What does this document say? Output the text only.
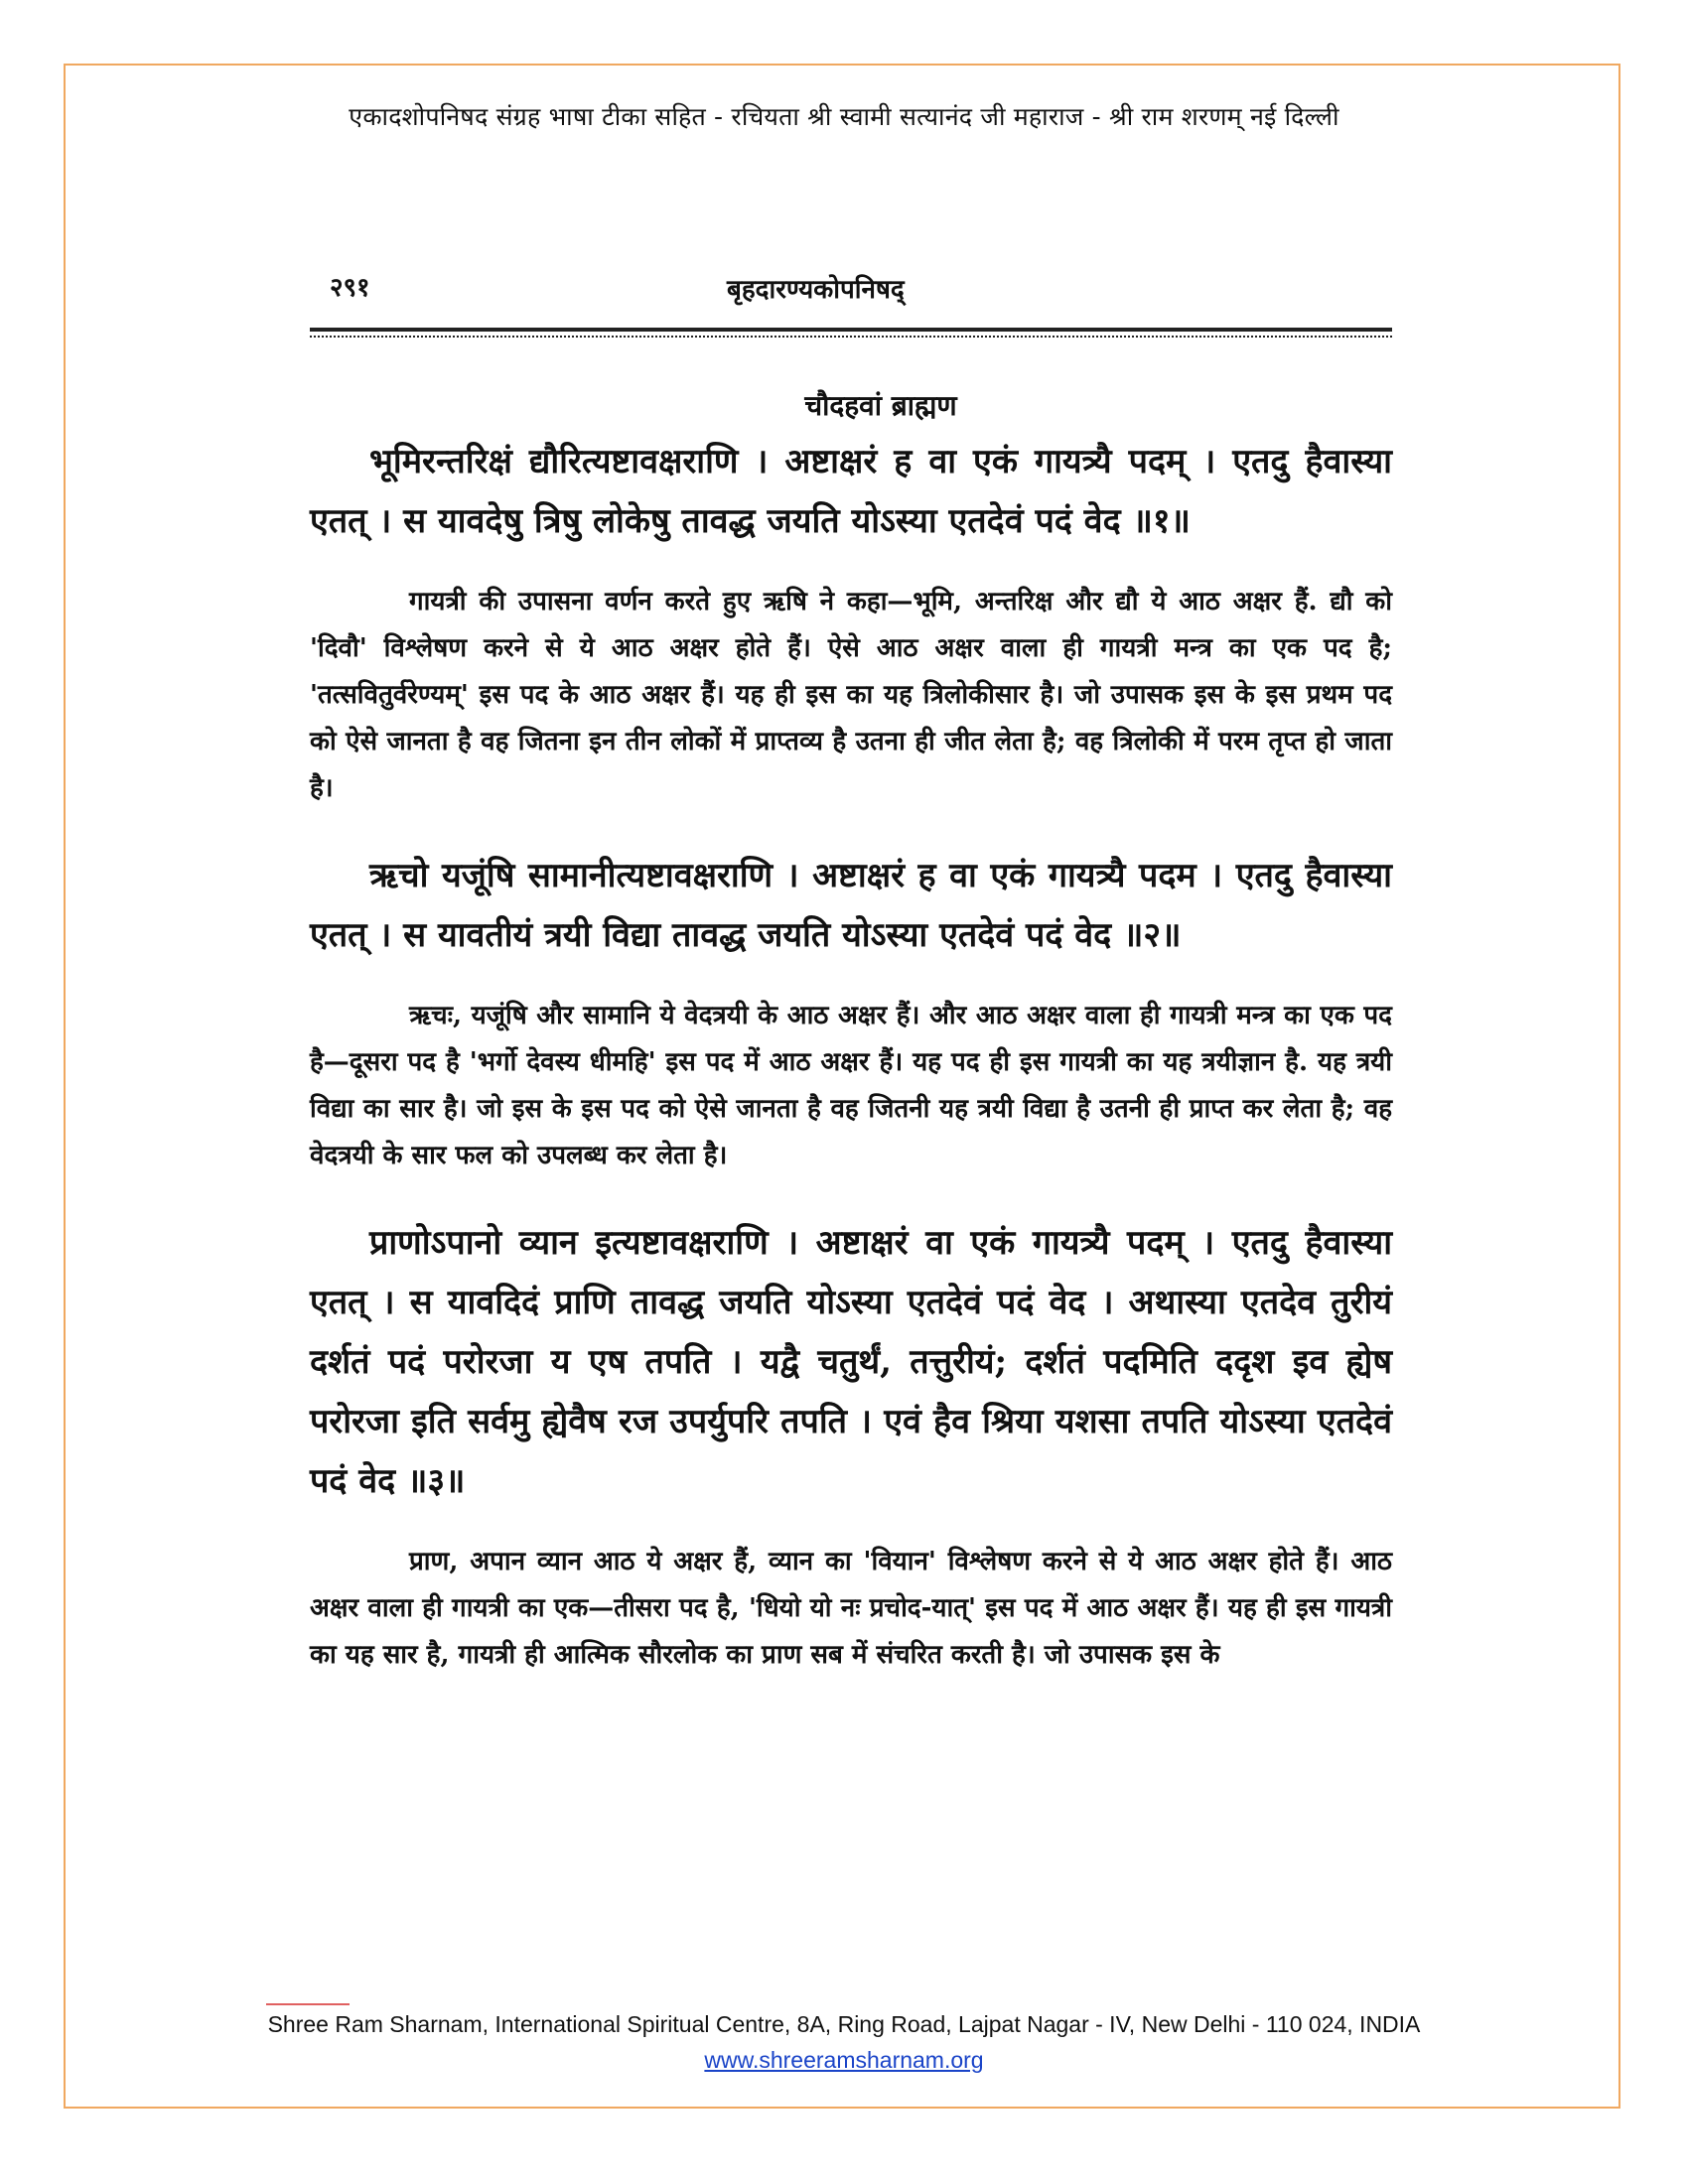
एकादशोपनिषद संग्रह भाषा टीका सहित - रचियता श्री स्वामी सत्यानंद जी महाराज - श्री राम शरणम् नई दिल्ली
२९१	बृहदारण्यकोपनिषद्
चौदहवां ब्राह्मण

भूमिरन्तरिक्षं द्यौरित्यष्टावक्षराणि । अष्टाक्षरं ह वा एकं गायत्र्यै पदम् । एतदु हैवास्या एतत् । स यावदेषु त्रिषु लोकेषु तावद्ध जयति योऽस्या एतदेवं पदं वेद ॥१॥

गायत्री की उपासना वर्णन करते हुए ऋषि ने कहा—भूमि, अन्तरिक्ष और द्यौ ये आठ अक्षर हैं. द्यौ को 'दिवौ' विश्लेषण करने से ये आठ अक्षर होते हैं। ऐसे आठ अक्षर वाला ही गायत्री मन्त्र का एक पद है; 'तत्सवितुर्वरेण्यम्' इस पद के आठ अक्षर हैं। यह ही इस का यह त्रिलोकीसार है। जो उपासक इस के इस प्रथम पद को ऐसे जानता है वह जितना इन तीन लोकों में प्राप्तव्य है उतना ही जीत लेता है; वह त्रिलोकी में परम तृप्त हो जाता है।

ऋचो यजूंषि सामानीत्यष्टावक्षराणि । अष्टाक्षरं ह वा एकं गायत्र्यै पदम । एतदु हैवास्या एतत् । स यावतीयं त्रयी विद्या तावद्ध जयति योऽस्या एतदेवं पदं वेद ॥२॥

ऋचः, यजूंषि और सामानि ये वेदत्रयी के आठ अक्षर हैं। और आठ अक्षर वाला ही गायत्री मन्त्र का एक पद है—दूसरा पद है 'भर्गो देवस्य धीमहि' इस पद में आठ अक्षर हैं। यह पद ही इस गायत्री का यह त्रयीज्ञान है. यह त्रयी विद्या का सार है। जो इस के इस पद को ऐसे जानता है वह जितनी यह त्रयी विद्या है उतनी ही प्राप्त कर लेता है; वह वेदत्रयी के सार फल को उपलब्ध कर लेता है।

प्राणोऽपानो व्यान इत्यष्टावक्षराणि । अष्टाक्षरं वा एकं गायत्र्यै पदम् । एतदु हैवास्या एतत् । स यावदिदं प्राणि तावद्ध जयति योऽस्या एतदेवं पदं वेद । अथास्या एतदेव तुरीयं दर्शतं पदं परोरजा य एष तपति । यद्वै चतुर्थं, तत्तुरीयं; दर्शतं पदमिति ददृश इव ह्येष परोरजा इति सर्वमु ह्येवैष रज उपर्युपरि तपति । एवं हैव श्रिया यशसा तपति योऽस्या एतदेवं पदं वेद ॥३॥

प्राण, अपान व्यान आठ ये अक्षर हैं, व्यान का 'वियान' विश्लेषण करने से ये आठ अक्षर होते हैं। आठ अक्षर वाला ही गायत्री का एक—तीसरा पद है, 'धियो यो नः प्रचोद-यात्' इस पद में आठ अक्षर हैं। यह ही इस गायत्री का यह सार है, गायत्री ही आत्मिक सौरलोक का प्राण सब में संचरित करती है। जो उपासक इस के

Shree Ram Sharnam, International Spiritual Centre, 8A, Ring Road, Lajpat Nagar - IV, New Delhi - 110 024, INDIA
www.shreeramsharnam.org
